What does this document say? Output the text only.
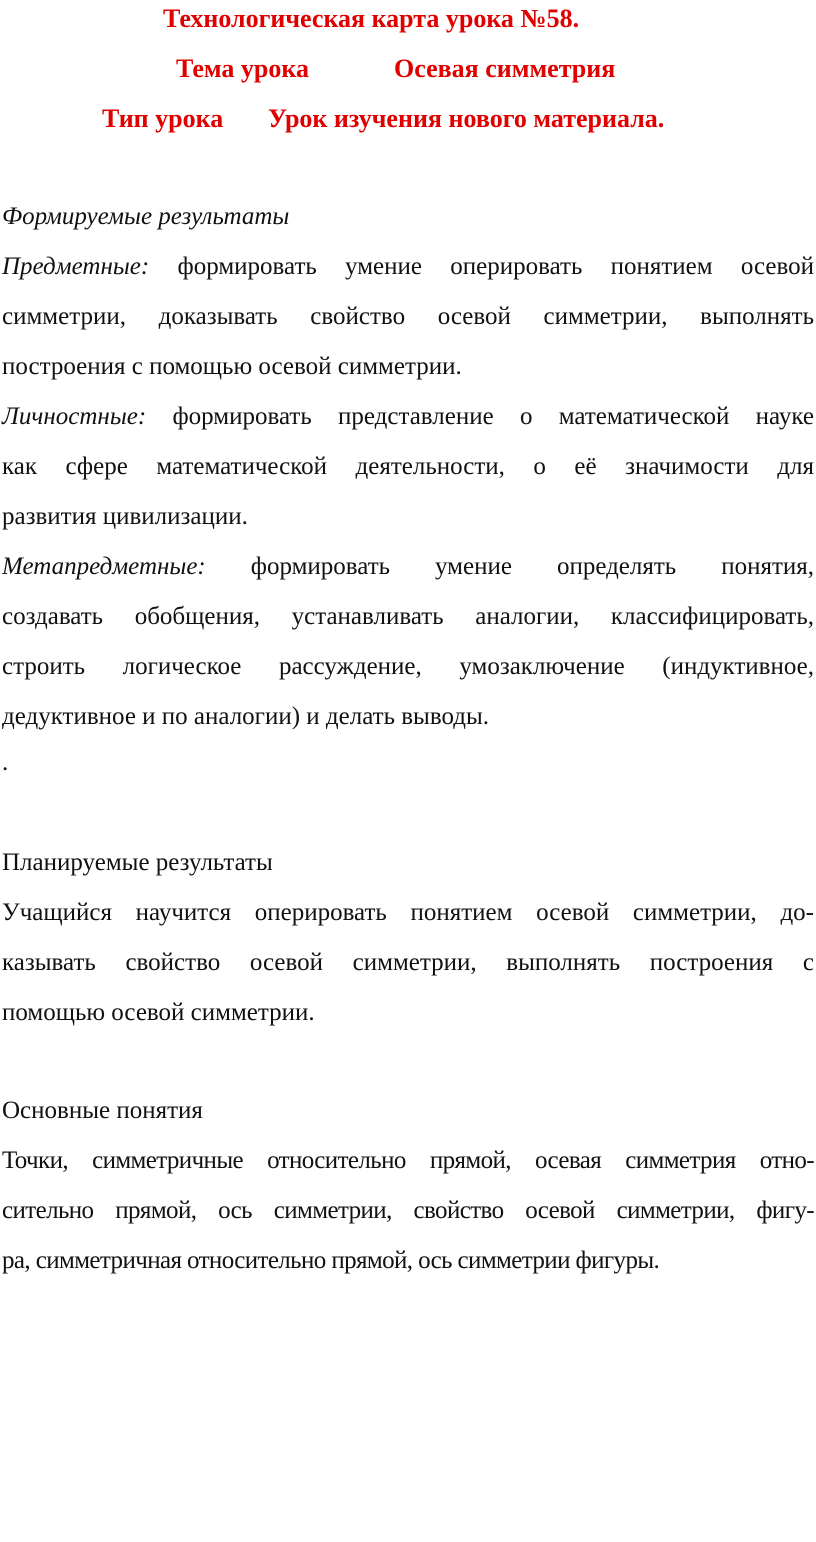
Технологическая карта урока №58.
Тема урока	Осевая симметрия
Тип урока Урок изучения нового материала.
Формируемые результаты
Предметные: формировать умение оперировать понятием осевой
симметрии, доказывать свойство осевой симметрии, выполнять
построения с помощью осевой симметрии.
Личностные: формировать представление о математической науке
как сфере математической деятельности, о её значимости для
развития цивилизации.
Метапредметные: формировать умение определять понятия,
создавать обобщения, устанавливать аналогии, классифицировать,
строить логическое рассуждение, умозаключение (индуктивное,
дедуктивное и по аналогии) и делать выводы.
.
Планируемые результаты
Учащийся научится оперировать понятием осевой симметрии, до-
казывать свойство осевой симметрии, выполнять построения с
помощью осевой симметрии.
Основные понятия
Точки, симметричные относительно прямой, осевая симметрия отно-
сительно прямой, ось симметрии, свойство осевой симметрии, фигу-
ра, симметричная относительно прямой, ось симметрии фигуры.
